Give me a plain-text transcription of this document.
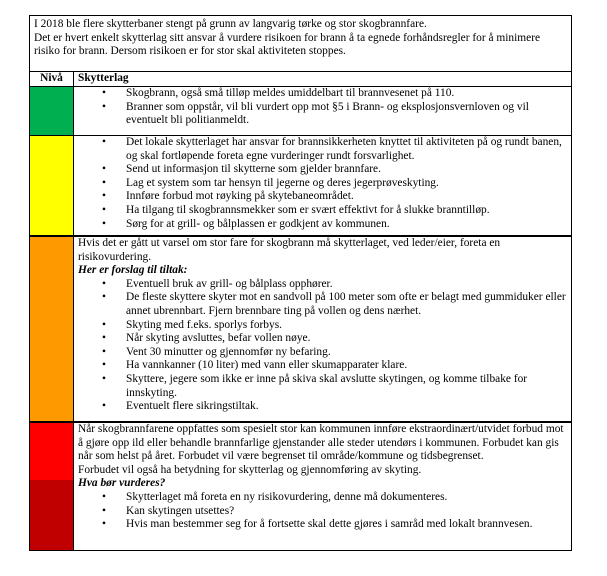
I 2018 ble flere skytterbaner stengt på grunn av langvarig tørke og stor skogbrannfare.

Det er hvert enkelt skytterlag sitt ansvar å vurdere risikoen for brann å ta egnede forhåndsregler for å minimere risiko for brann. Dersom risikoen er for stor skal aktiviteten stoppes.

Nivå	Skytterlag
• Skogbrann, også små tilløp meldes umiddelbart til brannvesenet på 110.
• Branner som oppstår, vil bli vurdert opp mot §5 i Brann- og eksplosjonsvernloven og vil eventuelt bli politianmeldt.
• Det lokale skytterlaget har ansvar for brannsikkerheten knyttet til aktiviteten på og rundt banen, og skal fortløpende foreta egne vurderinger rundt forsvarlighet.
• Send ut informasjon til skytterne som gjelder brannfare.
• Lag et system som tar hensyn til jegerne og deres jegerprøveskyting.
• Innføre forbud mot røyking på skytebaneområdet.
• Ha tilgang til skogbrannsmekker som er svært effektivt for å slukke branntilløp.
• Sørg for at grill- og bålplassen er godkjent av kommunen.
Hvis det er gått ut varsel om stor fare for skogbrann må skytterlaget, ved leder/eier, foreta en risikovurdering.
Her er forslag til tiltak:
• Eventuell bruk av grill- og bålplass opphører.
• De fleste skyttere skyter mot en sandvoll på 100 meter som ofte er belagt med gummiduker eller annet ubrennbart. Fjern brennbare ting på vollen og dens nærhet.
• Skyting med f.eks. sporlys forbys.
• Når skyting avsluttes, befar vollen nøye.
• Vent 30 minutter og gjennomfør ny befaring.
• Ha vannkanner (10 liter) med vann eller skumapparater klare.
• Skyttere, jegere som ikke er inne på skiva skal avslutte skytingen, og komme tilbake for innskyting.
• Eventuelt flere sikringstiltak.
Når skogbrannfarene oppfattes som spesielt stor kan kommunen innføre ekstraordinært/utvidet forbud mot å gjøre opp ild eller behandle brannfarlige gjenstander alle steder utendørs i kommunen. Forbudet kan gis når som helst på året. Forbudet vil være begrenset til område/kommune og tidsbegrenset.
Forbudet vil også ha betydning for skytterlag og gjennomføring av skyting.
Hva bør vurderes?
• Skytterlaget må foreta en ny risikovurdering, denne må dokumenteres.
• Kan skytingen utsettes?
• Hvis man bestemmer seg for å fortsette skal dette gjøres i samråd med lokalt brannvesen.
